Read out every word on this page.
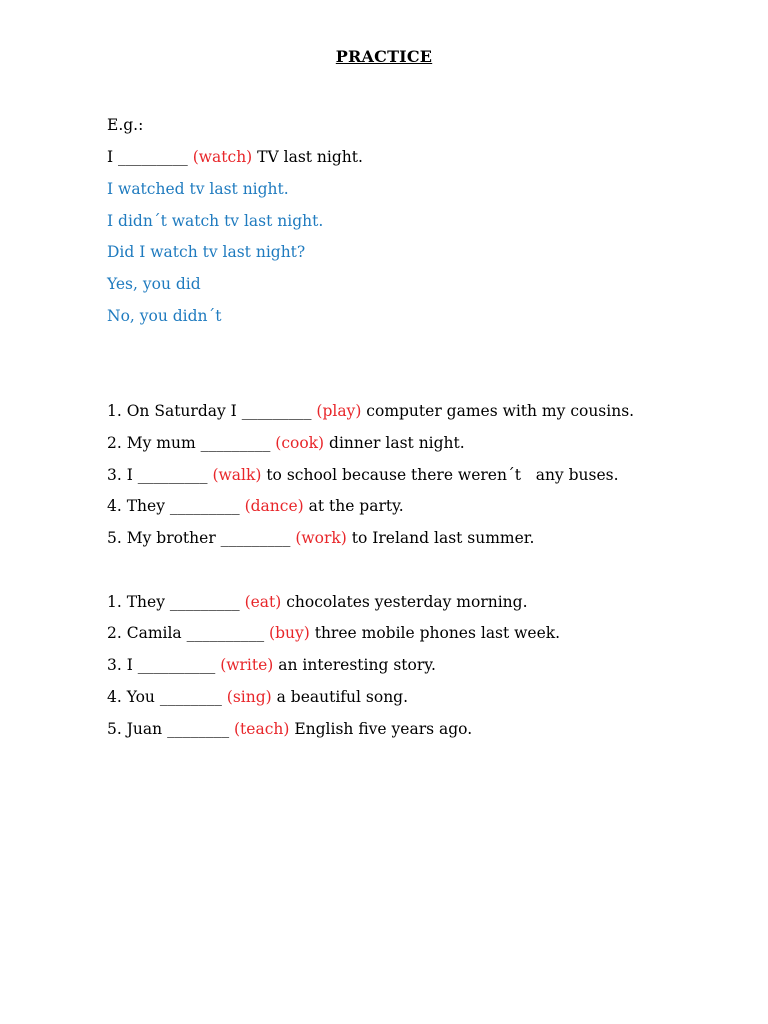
PRACTICE
E.g.:
I _________ (watch) TV last night.
I watched tv last night.
I didn´t watch tv last night.
Did I watch tv last night?
Yes, you did
No, you didn´t
1. On Saturday I _________ (play) computer games with my cousins.
2. My mum _________ (cook) dinner last night.
3. I _________ (walk) to school because there weren´t   any buses.
4. They _________ (dance) at the party.
5. My brother _________ (work) to Ireland last summer.
1. They _________ (eat) chocolates yesterday morning.
2. Camila __________ (buy) three mobile phones last week.
3. I __________ (write) an interesting story.
4. You ________ (sing) a beautiful song.
5. Juan ________ (teach) English five years ago.
